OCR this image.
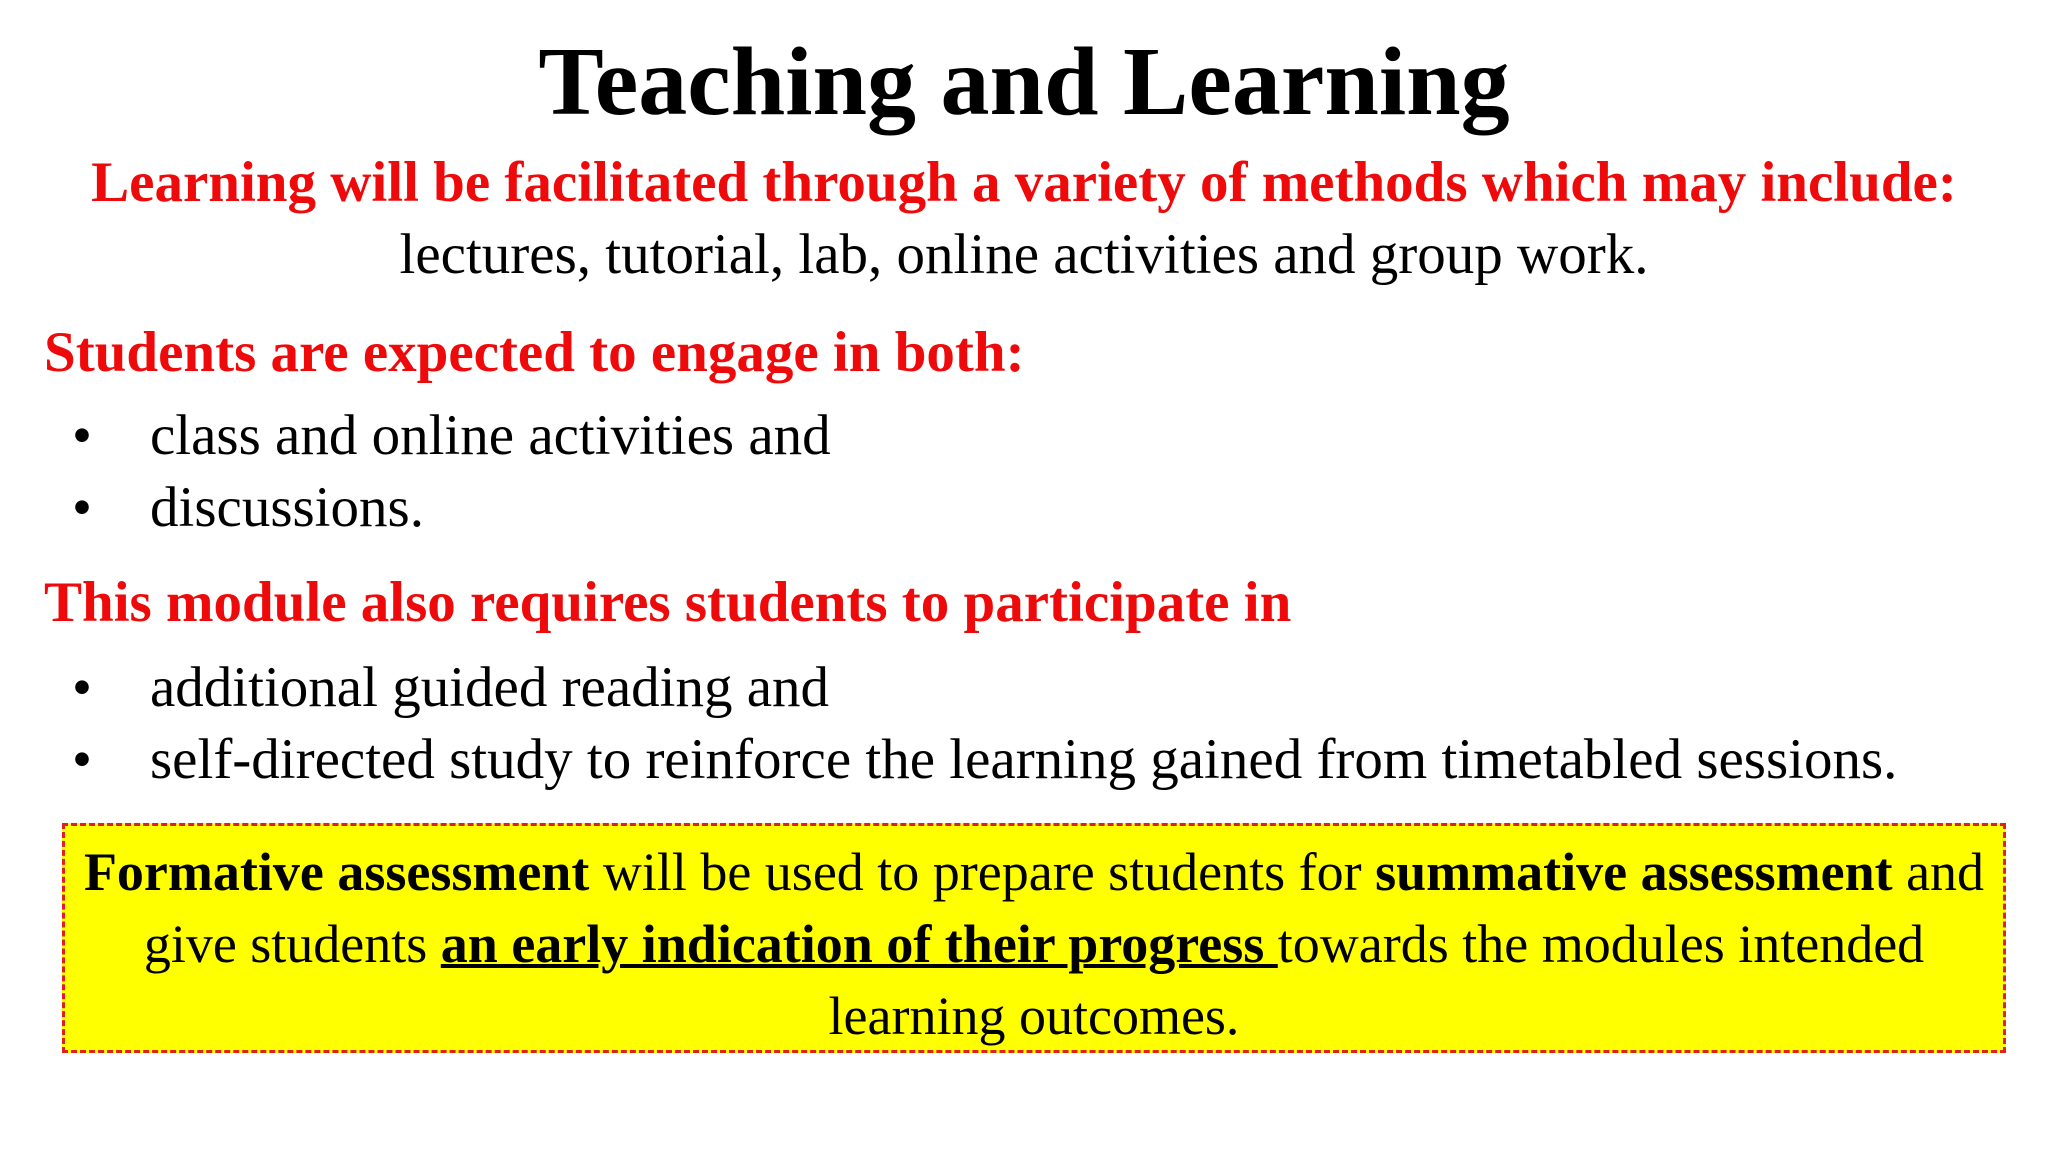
Teaching and Learning
Learning will be facilitated through a variety of methods which may include:
lectures, tutorial, lab, online activities and group work.
Students are expected to engage in both:
• class and online activities and
• discussions.
This module also requires students to participate in
• additional guided reading and
• self-directed study to reinforce the learning gained from timetabled sessions.
Formative assessment will be used to prepare students for summative assessment and give students an early indication of their progress towards the modules intended learning outcomes.
